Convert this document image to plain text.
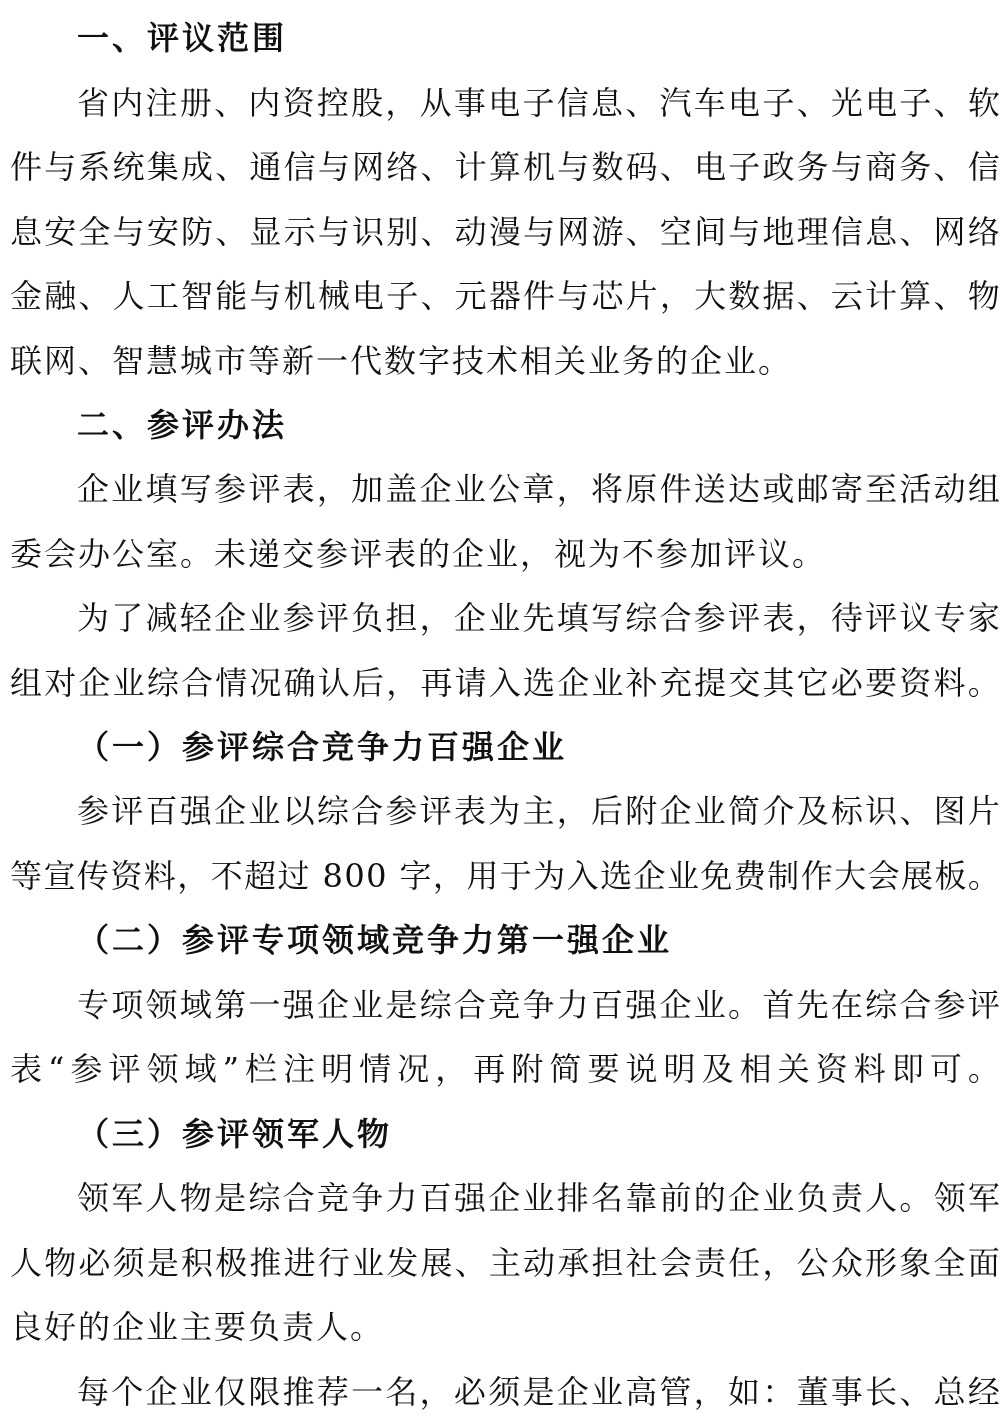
一、评议范围
省 内 注 册 、 内 资 控 股 ， 从 事 电 子 信 息 、 汽 车 电 子 、 光 电 子 、 软
件 与 系 统 集 成 、 通 信 与 网 络 、 计 算 机 与 数 码 、 电 子 政 务 与 商 务 、 信
息 安 全 与 安 防 、 显 示 与 识 别 、 动 漫 与 网 游 、 空 间 与 地 理 信 息 、 网 络
金 融 、 人 工 智 能 与 机 械 电 子 、 元 器 件 与 芯 片 ， 大 数 据 、 云 计 算 、 物
联网、智慧城市等新一代数字技术相关业务的企业。
二、参评办法
企 业 填 写 参 评 表 ， 加 盖 企 业 公 章 ， 将 原 件 送 达 或 邮 寄 至 活 动 组
委会办公室。未递交参评表的企业，视为不参加评议。
为 了 减 轻 企 业 参 评 负 担 ， 企 业 先 填 写 综 合 参 评 表 ， 待 评 议 专 家
组 对 企 业 综 合 情 况 确 认 后 ， 再 请 入 选 企 业 补 充 提 交 其 它 必 要 资 料 。
（一）参评综合竞争力百强企业
参 评 百 强 企 业 以 综 合 参 评 表 为 主 ， 后 附 企 业 简 介 及 标 识 、 图 片
等 宣 传 资 料 ， 不 超 过
8 0 0
字 ， 用 于 为 入 选 企 业 免 费 制 作 大 会 展 板 。
（二）参评专项领域竞争力第一强企业
专 项 领 域 第 一 强 企 业 是 综 合 竞 争 力 百 强 企 业 。 首 先 在 综 合 参 评
表 “ 参 评 领 域 ” 栏 注 明 情 况 ， 再 附 简 要 说 明 及 相 关 资 料 即 可 。
（三）参评领军人物
领 军 人 物 是 综 合 竞 争 力 百 强 企 业 排 名 靠 前 的 企 业 负 责 人 。 领 军
人 物 必 须 是 积 极 推 进 行 业 发 展 、 主 动 承 担 社 会 责 任 ， 公 众 形 象 全 面
良好的企业主要负责人。
每 个 企 业 仅 限 推 荐 一 名 ， 必 须 是 企 业 高 管 ， 如 ： 董 事 长 、 总 经
